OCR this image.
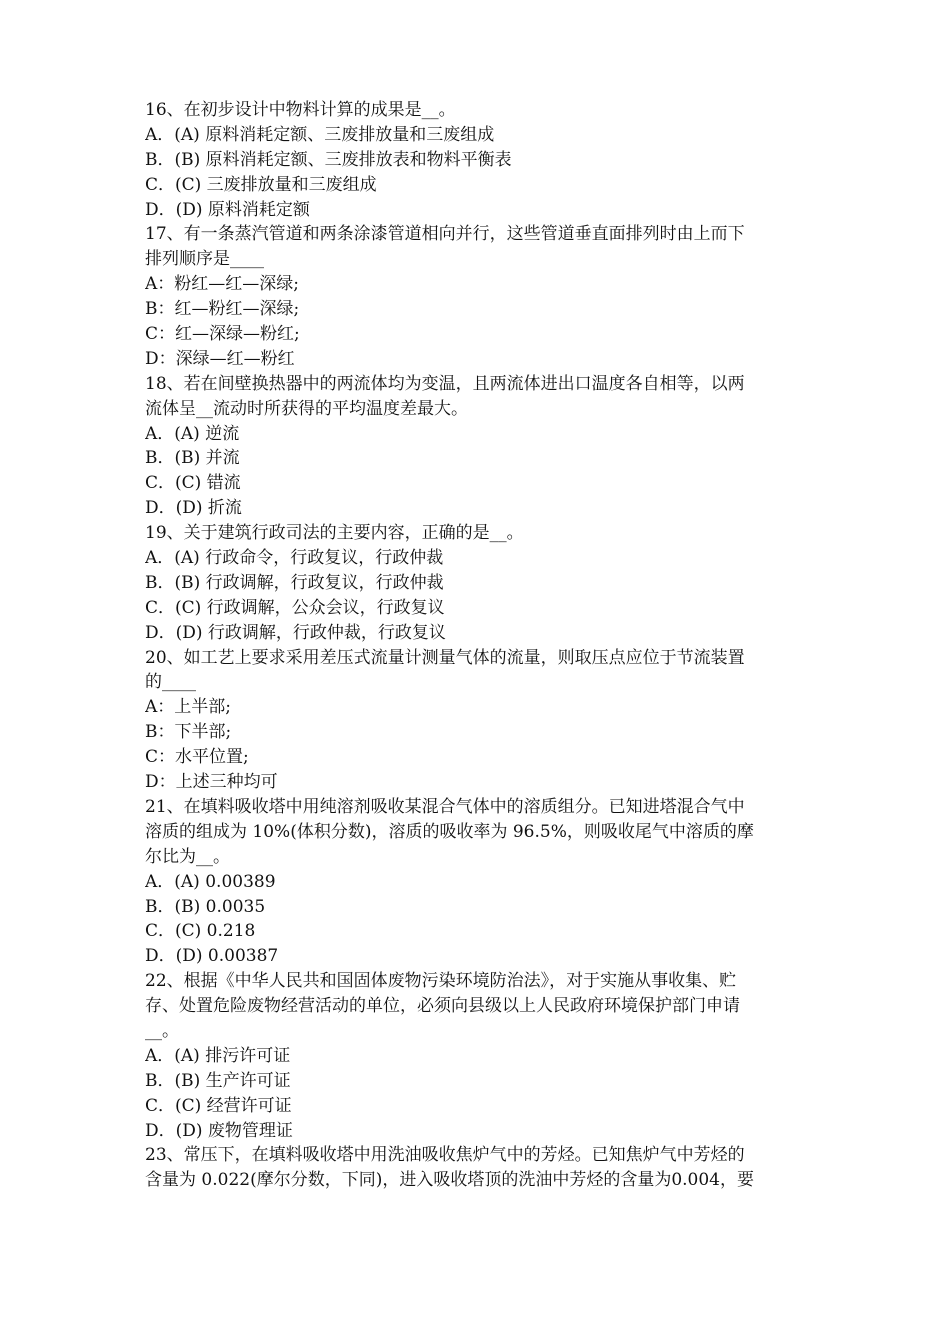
16、在初步设计中物料计算的成果是__。
A．(A) 原料消耗定额、三废排放量和三废组成
B．(B) 原料消耗定额、三废排放表和物料平衡表
C．(C) 三废排放量和三废组成
D．(D) 原料消耗定额
17、有一条蒸汽管道和两条涂漆管道相向并行，这些管道垂直面排列时由上而下
排列顺序是____
A：粉红—红—深绿;
B：红—粉红—深绿;
C：红—深绿—粉红;
D：深绿—红—粉红
18、若在间壁换热器中的两流体均为变温，且两流体进出口温度各自相等，以两
流体呈__流动时所获得的平均温度差最大。
A．(A) 逆流
B．(B) 并流
C．(C) 错流
D．(D) 折流
19、关于建筑行政司法的主要内容，正确的是__。
A．(A) 行政命令，行政复议，行政仲裁
B．(B) 行政调解，行政复议，行政仲裁
C．(C) 行政调解，公众会议，行政复议
D．(D) 行政调解，行政仲裁，行政复议
20、如工艺上要求采用差压式流量计测量气体的流量，则取压点应位于节流装置
的____
A：上半部;
B：下半部;
C：水平位置;
D：上述三种均可
21、在填料吸收塔中用纯溶剂吸收某混合气体中的溶质组分。已知进塔混合气中
溶质的组成为 10%(体积分数)，溶质的吸收率为 96.5%，则吸收尾气中溶质的摩
尔比为__。
A．(A) 0.00389
B．(B) 0.0035
C．(C) 0.218
D．(D) 0.00387
22、根据《中华人民共和国固体废物污染环境防治法》，对于实施从事收集、贮
存、处置危险废物经营活动的单位，必须向县级以上人民政府环境保护部门申请
__。
A．(A) 排污许可证
B．(B) 生产许可证
C．(C) 经营许可证
D．(D) 废物管理证
23、常压下，在填料吸收塔中用洗油吸收焦炉气中的芳烃。已知焦炉气中芳烃的
含量为 0.022(摩尔分数，下同)，进入吸收塔顶的洗油中芳烃的含量为0.004，要
